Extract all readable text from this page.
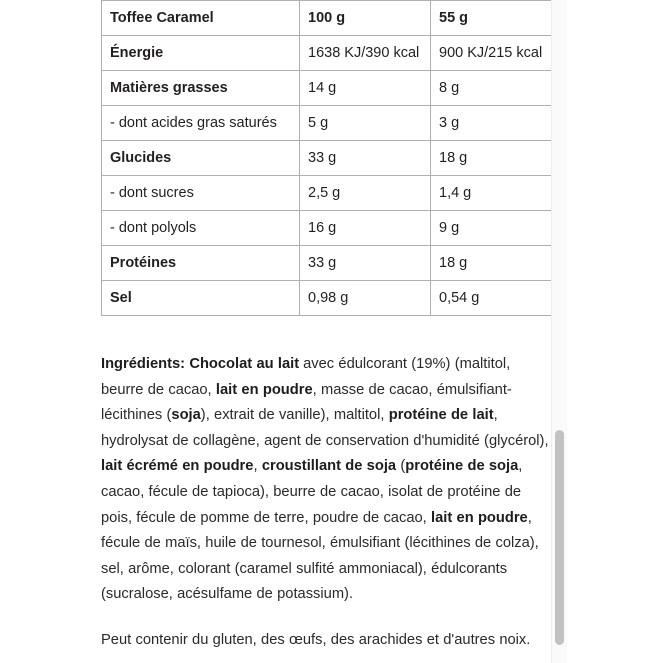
Toffee Caramel	100 g	55 g
Énergie	1638 KJ/390 kcal	900 KJ/215 kcal
Matières grasses	14 g	8 g
- dont acides gras saturés	5 g	3 g
Glucides	33 g	18 g
- dont sucres	2,5 g	1,4 g
- dont polyols	16 g	9 g
Protéines	33 g	18 g
Sel	0,98 g	0,54 g

Ingrédients: Chocolat au lait avec édulcorant (19%) (maltitol, beurre de cacao, lait en poudre, masse de cacao, émulsifiant-lécithines (soja), extrait de vanille), maltitol, protéine de lait, hydrolysat de collagène, agent de conservation d'humidité (glycérol), lait écrémé en poudre, croustillant de soja (protéine de soja, cacao, fécule de tapioca), beurre de cacao, isolat de protéine de pois, fécule de pomme de terre, poudre de cacao, lait en poudre, fécule de maïs, huile de tournesol, émulsifiant (lécithines de colza), sel, arôme, colorant (caramel sulfité ammoniacal), édulcorants (sucralose, acésulfame de potassium).

Peut contenir du gluten, des œufs, des arachides et d'autres noix.
